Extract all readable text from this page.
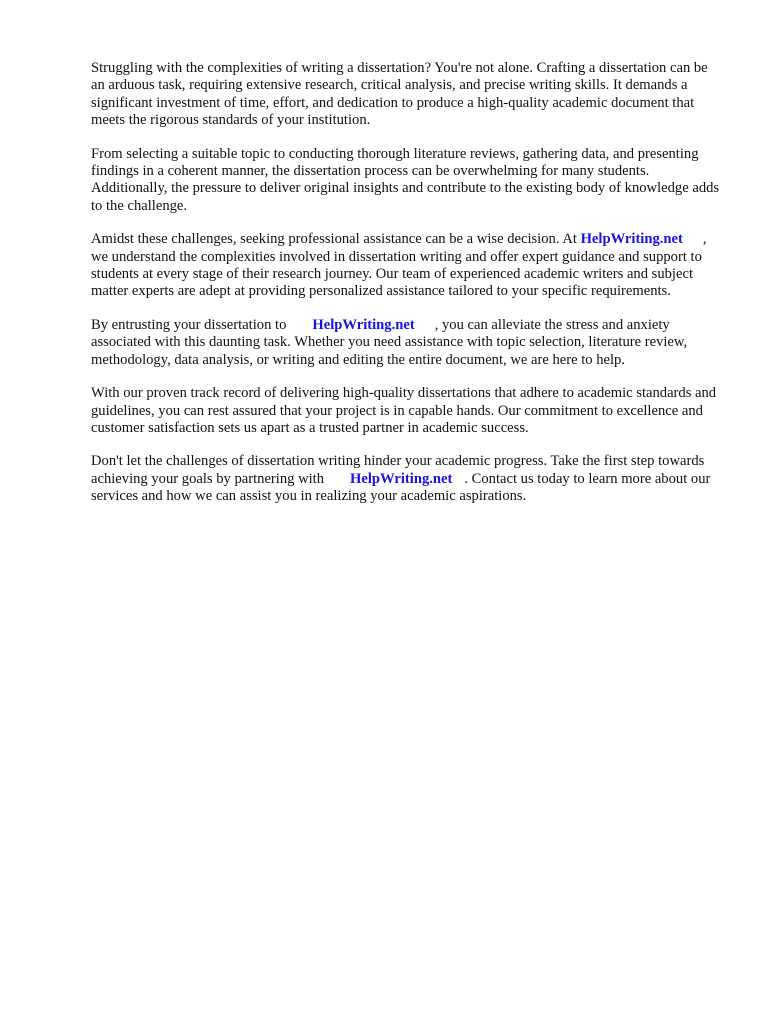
Struggling with the complexities of writing a dissertation? You're not alone. Crafting a dissertation can be an arduous task, requiring extensive research, critical analysis, and precise writing skills. It demands a significant investment of time, effort, and dedication to produce a high-quality academic document that meets the rigorous standards of your institution.

From selecting a suitable topic to conducting thorough literature reviews, gathering data, and presenting findings in a coherent manner, the dissertation process can be overwhelming for many students. Additionally, the pressure to deliver original insights and contribute to the existing body of knowledge adds to the challenge.

Amidst these challenges, seeking professional assistance can be a wise decision. At HelpWriting.net , we understand the complexities involved in dissertation writing and offer expert guidance and support to students at every stage of their research journey. Our team of experienced academic writers and subject matter experts are adept at providing personalized assistance tailored to your specific requirements.

By entrusting your dissertation to HelpWriting.net , you can alleviate the stress and anxiety associated with this daunting task. Whether you need assistance with topic selection, literature review, methodology, data analysis, or writing and editing the entire document, we are here to help.

With our proven track record of delivering high-quality dissertations that adhere to academic standards and guidelines, you can rest assured that your project is in capable hands. Our commitment to excellence and customer satisfaction sets us apart as a trusted partner in academic success.

Don't let the challenges of dissertation writing hinder your academic progress. Take the first step towards achieving your goals by partnering with HelpWriting.net . Contact us today to learn more about our services and how we can assist you in realizing your academic aspirations.
